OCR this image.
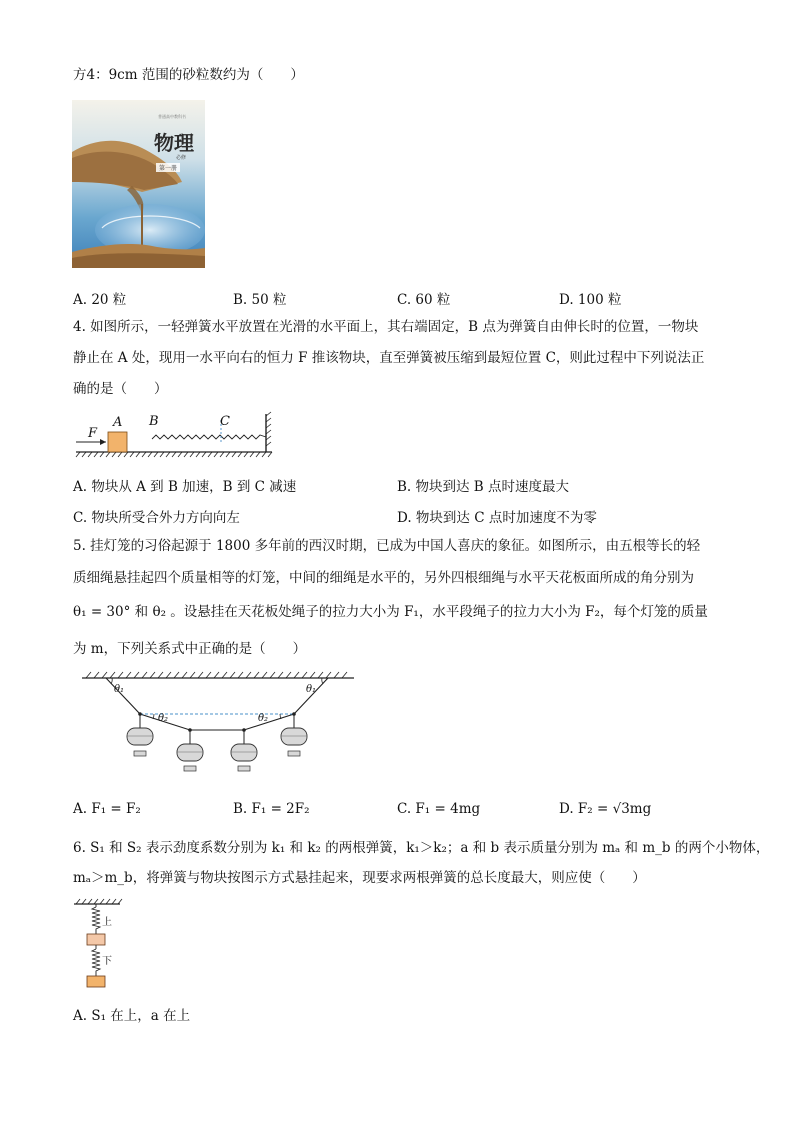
方4：9cm 范围的砂粒数约为（　　）
普通高中教科书
物理
必修
第一册
A. 20 粒	B. 50 粒	C. 60 粒	D. 100 粒
4. 如图所示，一轻弹簧水平放置在光滑的水平面上，其右端固定，B 点为弹簧自由伸长时的位置，一物块
静止在 A 处，现用一水平向右的恒力 F 推该物块，直至弹簧被压缩到最短位置 C，则此过程中下列说法正
确的是（　　）
F
A B	C
A. 物块从 A 到 B 加速，B 到 C 减速	B. 物块到达 B 点时速度最大
C. 物块所受合外力方向向左	D. 物块到达 C 点时加速度不为零
5. 挂灯笼的习俗起源于 1800 多年前的西汉时期，已成为中国人喜庆的象征。如图所示，由五根等长的轻
质细绳悬挂起四个质量相等的灯笼，中间的细绳是水平的，另外四根细绳与水平天花板面所成的角分别为
θ₁ = 30° 和 θ₂ 。设悬挂在天花板处绳子的拉力大小为 F₁，水平段绳子的拉力大小为 F₂，每个灯笼的质量
为 m，下列关系式中正确的是（　　）
θ₁	θ₁
θ₂	θ₂
A. F₁ = F₂	B. F₁ = 2F₂	C. F₁ = 4mg	D. F₂ = √3mg
6. S₁ 和 S₂ 表示劲度系数分别为 k₁ 和 k₂ 的两根弹簧，k₁＞k₂；a 和 b 表示质量分别为 mₐ 和 m_b 的两个小物体，
mₐ＞m_b，将弹簧与物块按图示方式悬挂起来，现要求两根弹簧的总长度最大，则应使（　　）
上
下
A. S₁ 在上，a 在上
